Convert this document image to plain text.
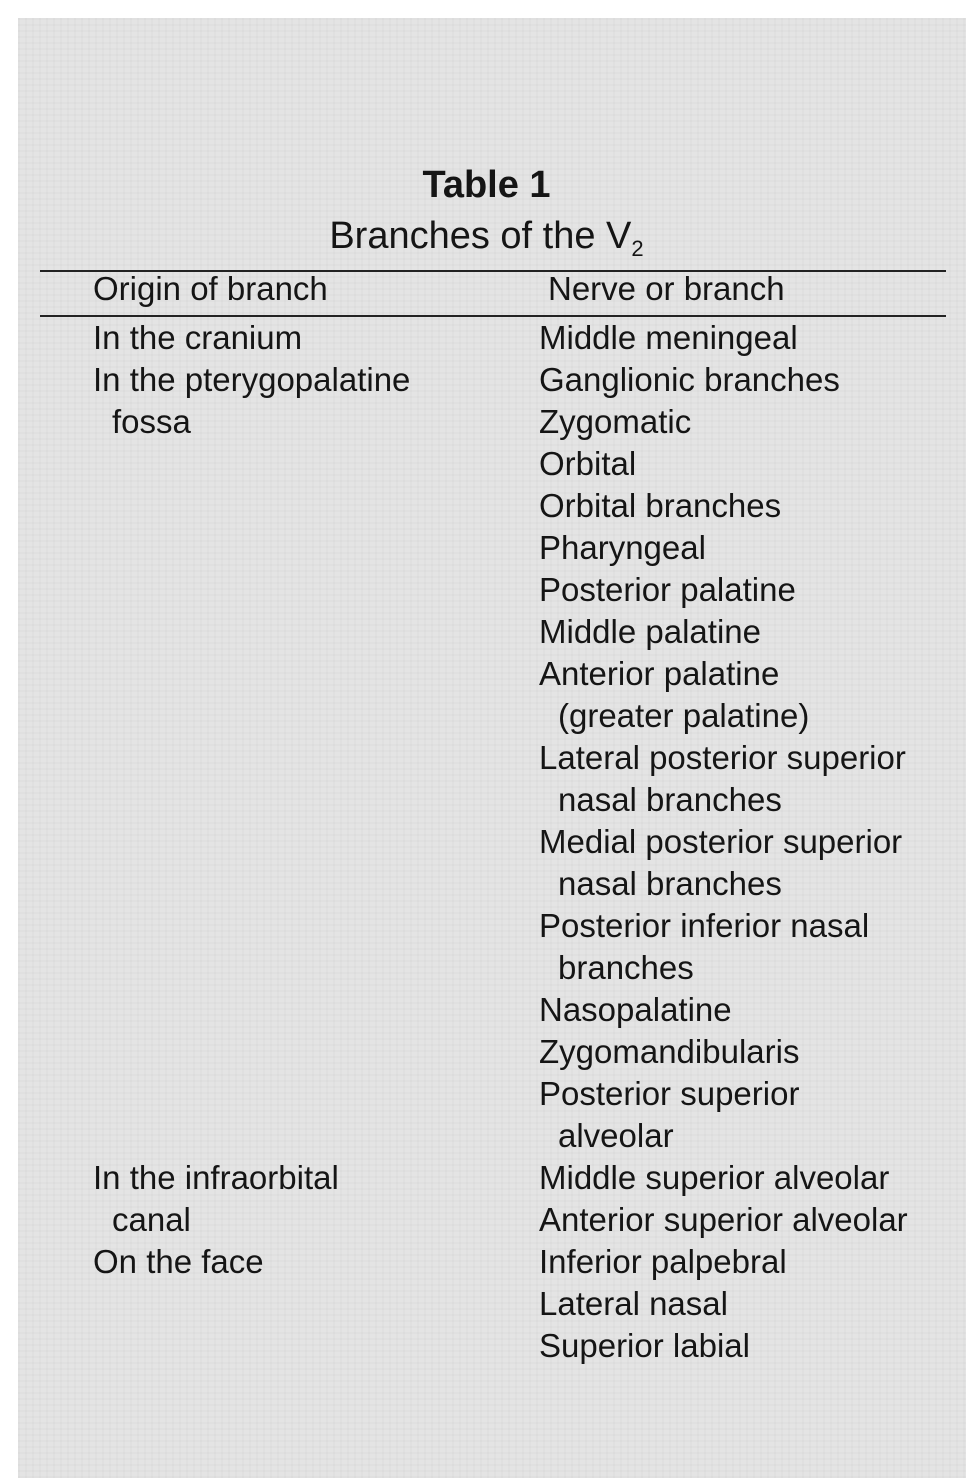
Table 1
Branches of the $V_2$
Origin of branch	Nerve or branch
In the cranium
In the pterygopalatine
fossa
In the infraorbital
canal
On the face
Middle meningeal
Ganglionic branches
Zygomatic
Orbital
Orbital branches
Pharyngeal
Posterior palatine
Middle palatine
Anterior palatine
(greater palatine)
Lateral posterior superior
nasal branches
Medial posterior superior
nasal branches
Posterior inferior nasal
branches
Nasopalatine
Zygomandibularis
Posterior superior
alveolar
Middle superior alveolar
Anterior superior alveolar
Inferior palpebral
Lateral nasal
Superior labial
